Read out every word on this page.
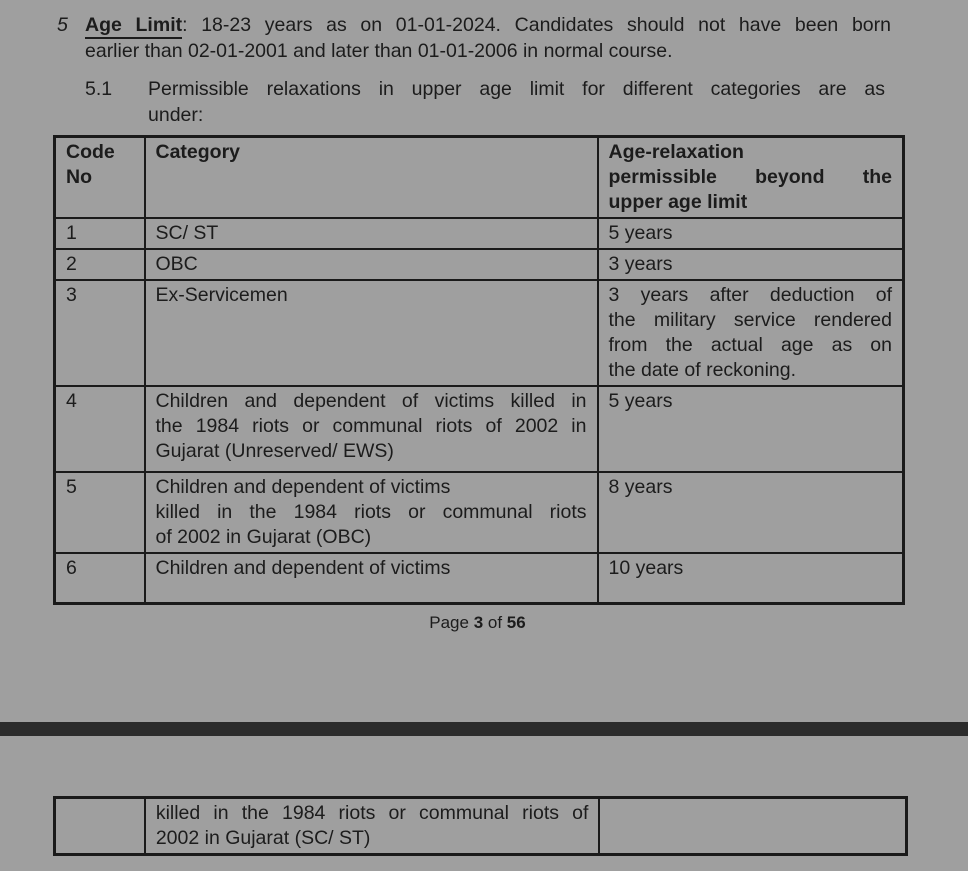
5 Age Limit: 18-23 years as on 01-01-2024. Candidates should not have been born
earlier than 02-01-2001 and later than 01-01-2006 in normal course.
5.1 Permissible relaxations in upper age limit for different categories are as
under:
Code No	Category	Age-relaxation
permissible beyond the
upper age limit

1	SC/ ST	5 years
2	OBC	3 years
3	Ex-Servicemen	3 years after deduction of
the military service rendered
from the actual age as on
the date of reckoning.

4	Children and dependent of victims killed in
the 1984 riots or communal riots of 2002 in
Gujarat (Unreserved/ EWS)	5 years
5	Children and dependent of victims
killed in the 1984 riots or communal riots
of 2002 in Gujarat (OBC)	8 years
6	Children and dependent of victims	10 years
Page 3 of 56

killed in the 1984 riots or communal riots of
2002 in Gujarat (SC/ ST)
